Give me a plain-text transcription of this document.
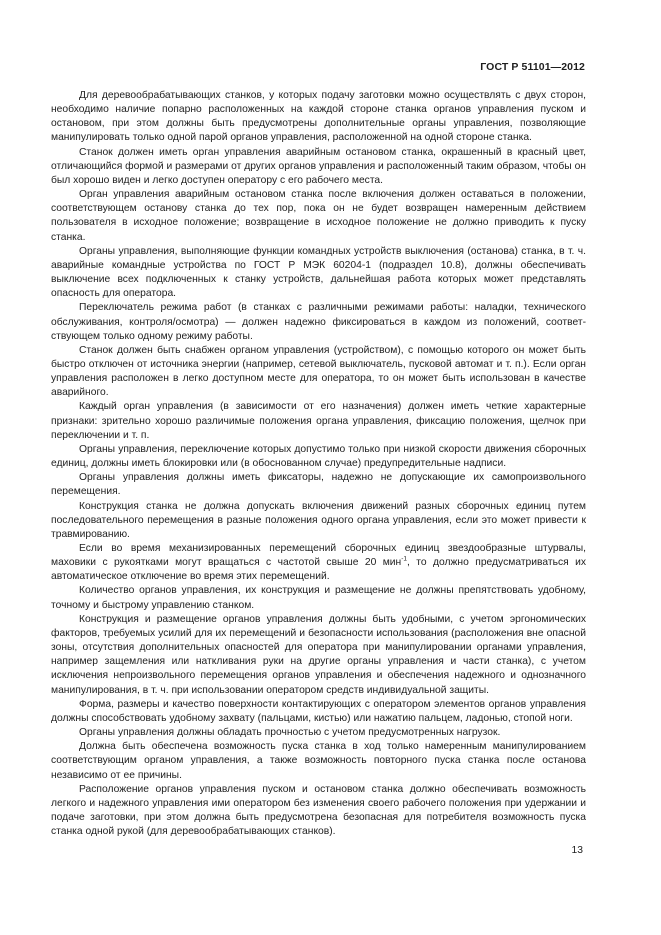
ГОСТ Р 51101—2012

Для деревообрабатывающих станков, у которых подачу заготовки можно осуществлять с двух сторон, необходимо наличие попарно расположенных на каждой стороне станка органов управления пуском и остановом, при этом должны быть предусмотрены дополнительные органы управления, позволяющие манипулировать только одной парой органов управления, расположенной на одной стороне станка.

Станок должен иметь орган управления аварийным остановом станка, окрашенный в красный цвет, отличающийся формой и размерами от других органов управления и расположенный таким образом, чтобы он был хорошо виден и легко доступен оператору с его рабочего места.

Орган управления аварийным остановом станка после включения должен оставаться в положении, соответствующем останову станка до тех пор, пока он не будет возвращен намеренным действием пользователя в исходное положение; возвращение в исходное положение не должно приводить к пуску станка.

Органы управления, выполняющие функции командных устройств выключения (останова) станка, в т. ч. аварийные командные устройства по ГОСТ Р МЭК 60204-1 (подраздел 10.8), должны обеспечивать выключение всех подключенных к станку устройств, дальнейшая работа которых может представлять опасность для операторa.

Переключатель режима работ (в станках с различными режимами работы: наладки, технического обслуживания, контроля/осмотра) — должен надежно фиксироваться в каждом из положений, соответствующем только одному режиму работы.

Станок должен быть снабжен органом управления (устройством), с помощью которого он может быть быстро отключен от источника энергии (например, сетевой выключатель, пусковой автомат и т. п.). Если орган управления расположен в легко доступном месте для оператора, то он может быть использован в качестве аварийного.

Каждый орган управления (в зависимости от его назначения) должен иметь четкие характерные признаки: зрительно хорошо различимые положения органа управления, фиксацию положения, щелчок при переключении и т. п.

Органы управления, переключение которых допустимо только при низкой скорости движения сборочных единиц, должны иметь блокировки или (в обоснованном случае) предупредительные надписи.

Органы управления должны иметь фиксаторы, надежно не допускающие их самопроизвольного перемещения.

Конструкция станка не должна допускать включения движений разных сборочных единиц путем последовательного перемещения в разные положения одного органа управления, если это может привести к травмированию.

Если во время механизированных перемещений сборочных единиц звездообразные штурвалы, маховики с рукоятками могут вращаться с частотой свыше 20 мин$^{-1}$, то должно предусматриваться их автоматическое отключение во время этих перемещений.

Количество органов управления, их конструкция и размещение не должны препятствовать удобному, точному и быстрому управлению станком.

Конструкция и размещение органов управления должны быть удобными, с учетом эргономических факторов, требуемых усилий для их перемещений и безопасности использования (расположения вне опасной зоны, отсутствия дополнительных опасностей для оператора при манипулировании органами управления, например защемления или наткливания руки на другие органы управления и части станка), с учетом исключения непроизвольного перемещения органов управления и обеспечения надежного и однозначного манипулирования, в т. ч. при использовании оператором средств индивидуальной защиты.

Форма, размеры и качество поверхности контактирующих с оператором элементов органов управления должны способствовать удобному захвату (пальцами, кистью) или нажатию пальцем, ладонью, стопой ноги.

Органы управления должны обладать прочностью с учетом предусмотренных нагрузок.

Должна быть обеспечена возможность пуска станка в ход только намеренным манипулированием соответствующим органом управления, а также возможность повторного пуска станка после останова независимо от ее причины.

Расположение органов управления пуском и остановом станка должно обеспечивать возможность легкого и надежного управления ими оператором без изменения своего рабочего положения при удержании и подаче заготовки, при этом должна быть предусмотрена безопасная для потребителя возможность пуска станка одной рукой (для деревообрабатывающих станков).

13
